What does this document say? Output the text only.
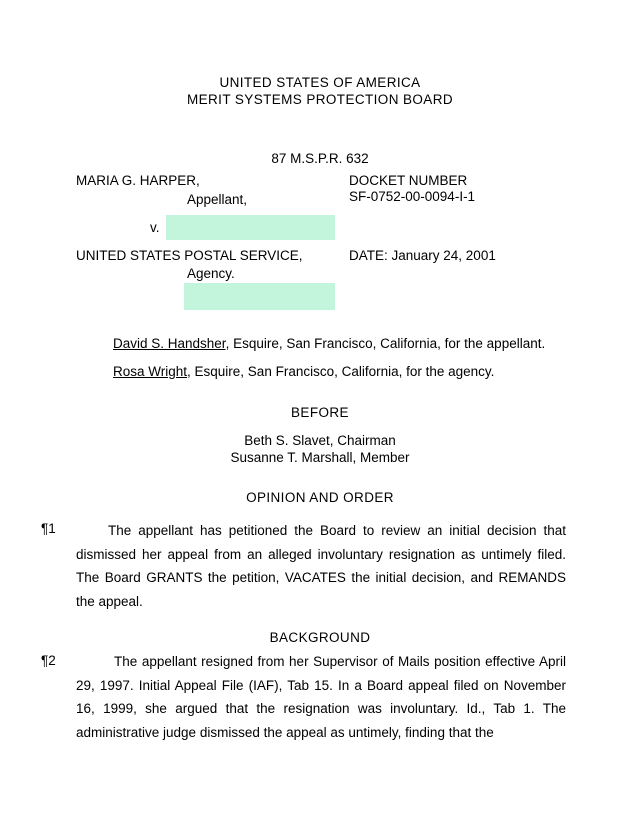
UNITED STATES OF AMERICA
MERIT SYSTEMS PROTECTION BOARD
87 M.S.P.R. 632
MARIA G. HARPER,
Appellant,
DOCKET NUMBER
SF-0752-00-0094-I-1
v.
UNITED STATES POSTAL SERVICE,
Agency.
DATE: January 24, 2001
David S. Handsher, Esquire, San Francisco, California, for the appellant.
Rosa Wright, Esquire, San Francisco, California, for the agency.
BEFORE
Beth S. Slavet, Chairman
Susanne T. Marshall, Member
OPINION AND ORDER
¶1	The appellant has petitioned the Board to review an initial decision that dismissed her appeal from an alleged involuntary resignation as untimely filed. The Board GRANTS the petition, VACATES the initial decision, and REMANDS the appeal.
BACKGROUND
¶2	The appellant resigned from her Supervisor of Mails position effective April 29, 1997. Initial Appeal File (IAF), Tab 15. In a Board appeal filed on November 16, 1999, she argued that the resignation was involuntary. Id., Tab 1. The administrative judge dismissed the appeal as untimely, finding that the
